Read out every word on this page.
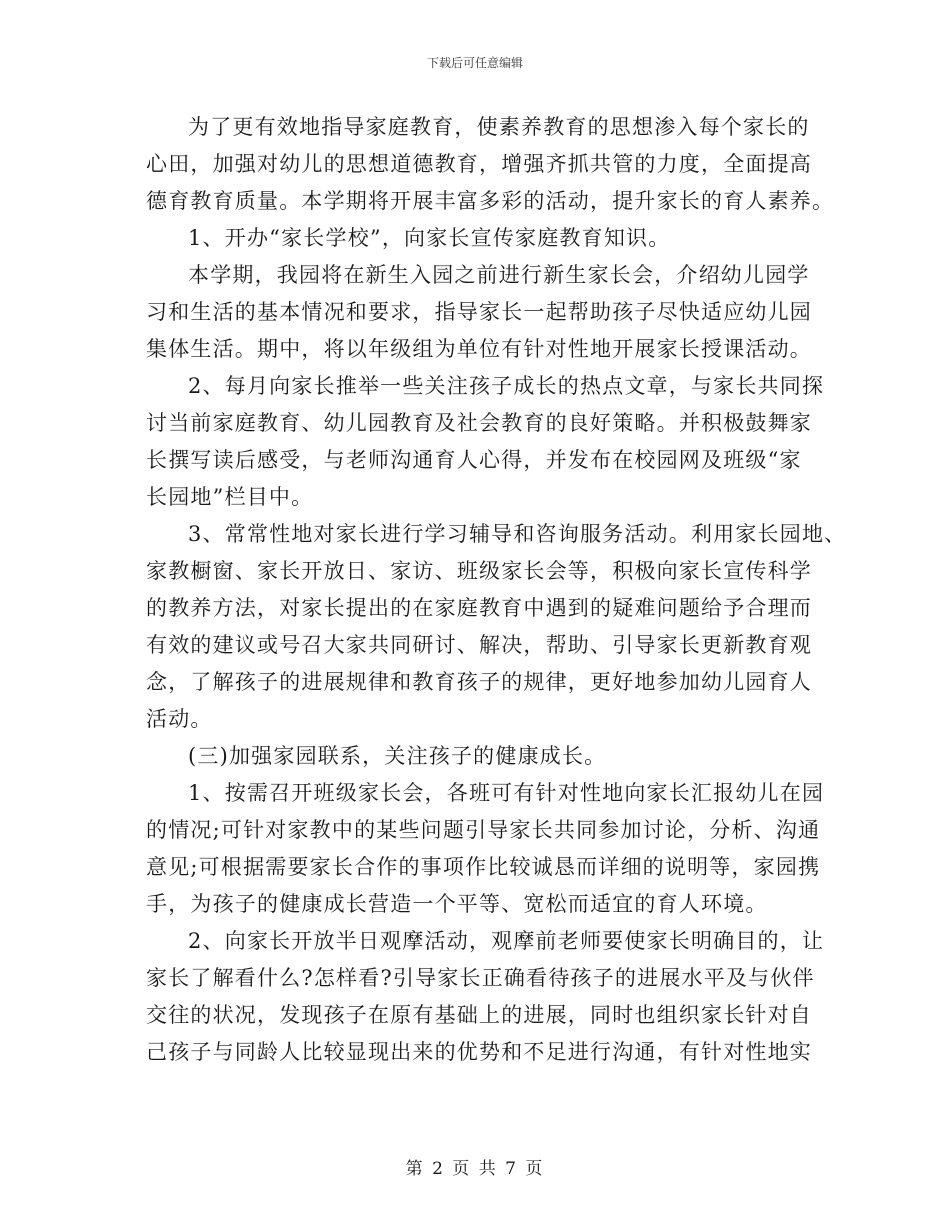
下载后可任意编辑
为了更有效地指导家庭教育，使素养教育的思想渗入每个家长的
心田，加强对幼儿的思想道德教育，增强齐抓共管的力度，全面提高
德育教育质量。本学期将开展丰富多彩的活动，提升家长的育人素养。
1、开办“家长学校”，向家长宣传家庭教育知识。
本学期，我园将在新生入园之前进行新生家长会，介绍幼儿园学
习和生活的基本情况和要求，指导家长一起帮助孩子尽快适应幼儿园
集体生活。期中，将以年级组为单位有针对性地开展家长授课活动。
2、每月向家长推举一些关注孩子成长的热点文章，与家长共同探
讨当前家庭教育、幼儿园教育及社会教育的良好策略。并积极鼓舞家
长撰写读后感受，与老师沟通育人心得，并发布在校园网及班级“家
长园地”栏目中。
3、常常性地对家长进行学习辅导和咨询服务活动。利用家长园地、
家教橱窗、家长开放日、家访、班级家长会等，积极向家长宣传科学
的教养方法，对家长提出的在家庭教育中遇到的疑难问题给予合理而
有效的建议或号召大家共同研讨、解决，帮助、引导家长更新教育观
念，了解孩子的进展规律和教育孩子的规律，更好地参加幼儿园育人
活动。
(三)加强家园联系，关注孩子的健康成长。
1、按需召开班级家长会，各班可有针对性地向家长汇报幼儿在园
的情况;可针对家教中的某些问题引导家长共同参加讨论，分析、沟通
意见;可根据需要家长合作的事项作比较诚恳而详细的说明等，家园携
手，为孩子的健康成长营造一个平等、宽松而适宜的育人环境。
2、向家长开放半日观摩活动，观摩前老师要使家长明确目的，让
家长了解看什么?怎样看?引导家长正确看待孩子的进展水平及与伙伴
交往的状况，发现孩子在原有基础上的进展，同时也组织家长针对自
己孩子与同龄人比较显现出来的优势和不足进行沟通，有针对性地实
第 2 页 共 7 页
